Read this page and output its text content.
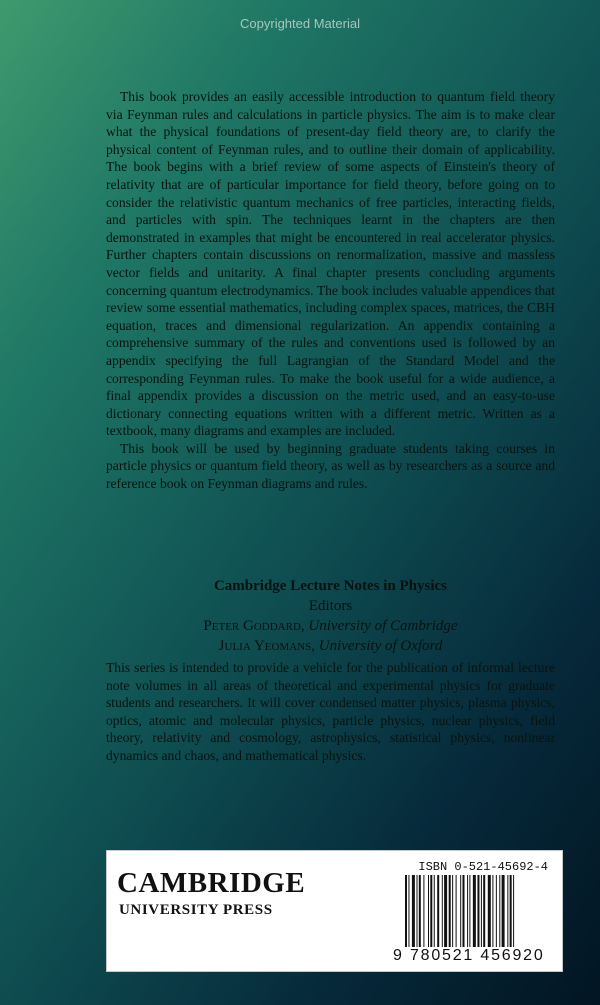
Copyrighted Material

This book provides an easily accessible introduction to quantum field theory via Feynman rules and calculations in particle physics. The aim is to make clear what the physical foundations of present-day field theory are, to clarify the physical content of Feynman rules, and to outline their domain of applicability. The book begins with a brief review of some aspects of Einstein's theory of relativity that are of particular importance for field theory, before going on to consider the relativistic quantum mechanics of free particles, interacting fields, and particles with spin. The techniques learnt in the chapters are then demonstrated in examples that might be encountered in real accelerator physics. Further chapters contain discussions on renormalization, massive and massless vector fields and unitarity. A final chapter presents concluding arguments concerning quantum electrodynamics. The book includes valuable appendices that review some essential mathematics, including complex spaces, matrices, the CBH equation, traces and dimensional regularization. An appendix containing a comprehensive summary of the rules and conventions used is followed by an appendix specifying the full Lagrangian of the Standard Model and the corresponding Feynman rules. To make the book useful for a wide audience, a final appendix provides a discussion on the metric used, and an easy-to-use dictionary connecting equations written with a different metric. Written as a textbook, many diagrams and examples are included.

This book will be used by beginning graduate students taking courses in particle physics or quantum field theory, as well as by researchers as a source and reference book on Feynman diagrams and rules.

Cambridge Lecture Notes in Physics
Editors
Peter Goddard, University of Cambridge
Julia Yeomans, University of Oxford
This series is intended to provide a vehicle for the publication of informal lecture note volumes in all areas of theoretical and experimental physics for graduate students and researchers. It will cover condensed matter physics, plasma physics, optics, atomic and molecular physics, particle physics, nuclear physics, field theory, relativity and cosmology, astrophysics, statistical physics, nonlinear dynamics and chaos, and mathematical physics.
CAMBRIDGE
UNIVERSITY PRESS
ISBN 0-521-45692-4
9 780521 456920
